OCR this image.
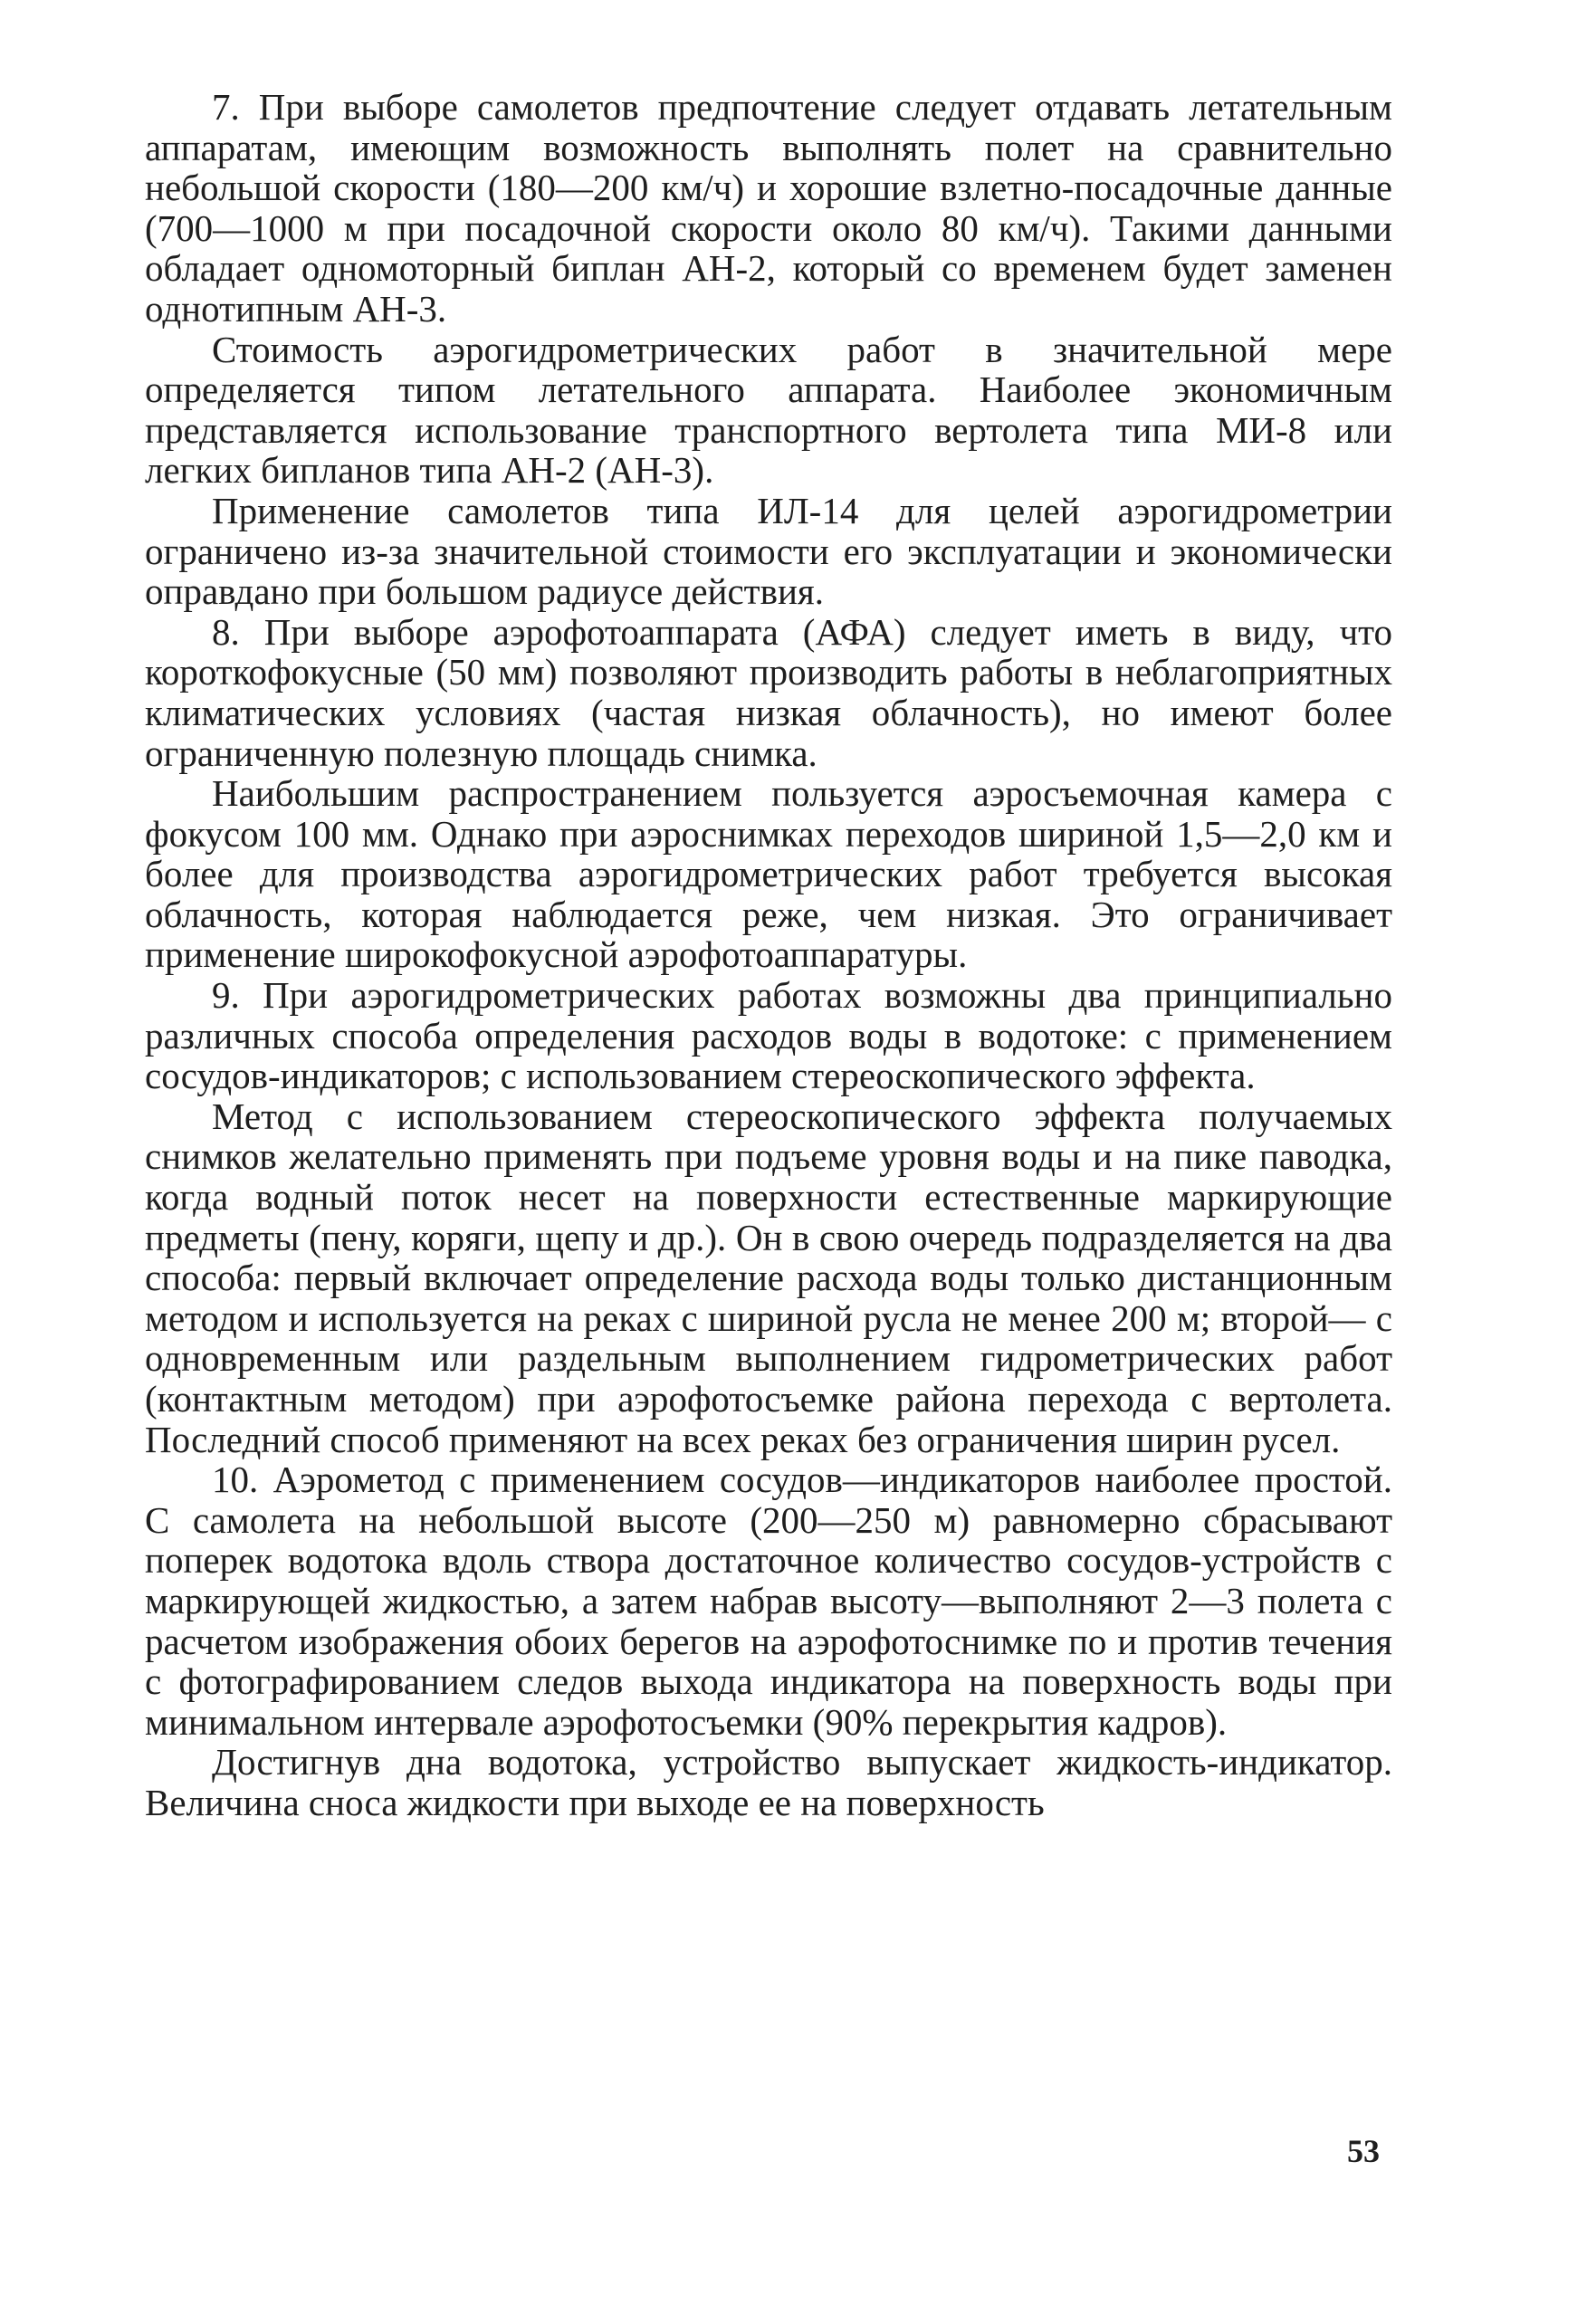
7. При выборе самолетов предпочтение следует отдавать летательным аппаратам, имеющим возможность выполнять полет на сравнительно небольшой скорости (180—200 км/ч) и хорошие взлетно-посадочные данные (700—1000 м при посадочной скорости около 80 км/ч). Такими данными обладает одномоторный биплан АН-2, который со временем будет заменен однотипным АН-3.

Стоимость аэрогидрометрических работ в значительной мере определяется типом летательного аппарата. Наиболее экономичным представляется использование транспортного вертолета типа МИ-8 или легких бипланов типа АН-2 (АН-3).

Применение самолетов типа ИЛ-14 для целей аэрогидрометрии ограничено из-за значительной стоимости его эксплуатации и экономически оправдано при большом радиусе действия.

8. При выборе аэрофотоаппарата (АФА) следует иметь в виду, что короткофокусные (50 мм) позволяют производить работы в неблагоприятных климатических условиях (частая низкая облачность), но имеют более ограниченную полезную площадь снимка.

Наибольшим распространением пользуется аэросъемочная камера с фокусом 100 мм. Однако при аэроснимках переходов шириной 1,5—2,0 км и более для производства аэрогидрометрических работ требуется высокая облачность, которая наблюдается реже, чем низкая. Это ограничивает применение широкофокусной аэрофотоаппаратуры.

9. При аэрогидрометрических работах возможны два принципиально различных способа определения расходов воды в водотоке: с применением сосудов-индикаторов; с использованием стереоскопического эффекта.

Метод с использованием стереоскопического эффекта получаемых снимков желательно применять при подъеме уровня воды и на пике паводка, когда водный поток несет на поверхности естественные маркирующие предметы (пену, коряги, щепу и др.). Он в свою очередь подразделяется на два способа: первый включает определение расхода воды только дистанционным методом и используется на реках с шириной русла не менее 200 м; второй— с одновременным или раздельным выполнением гидрометрических работ (контактным методом) при аэрофотосъемке района перехода с вертолета. Последний способ применяют на всех реках без ограничения ширин русел.

10. Аэрометод с применением сосудов—индикаторов наиболее простой. С самолета на небольшой высоте (200—250 м) равномерно сбрасывают поперек водотока вдоль створа достаточное количество сосудов-устройств с маркирующей жидкостью, а затем набрав высоту—выполняют 2—3 полета с расчетом изображения обоих берегов на аэрофотоснимке по и против течения с фотографированием следов выхода индикатора на поверхность воды при минимальном интервале аэрофотосъемки (90% перекрытия кадров).

Достигнув дна водотока, устройство выпускает жидкость-индикатор. Величина сноса жидкости при выходе ее на поверхность

53
